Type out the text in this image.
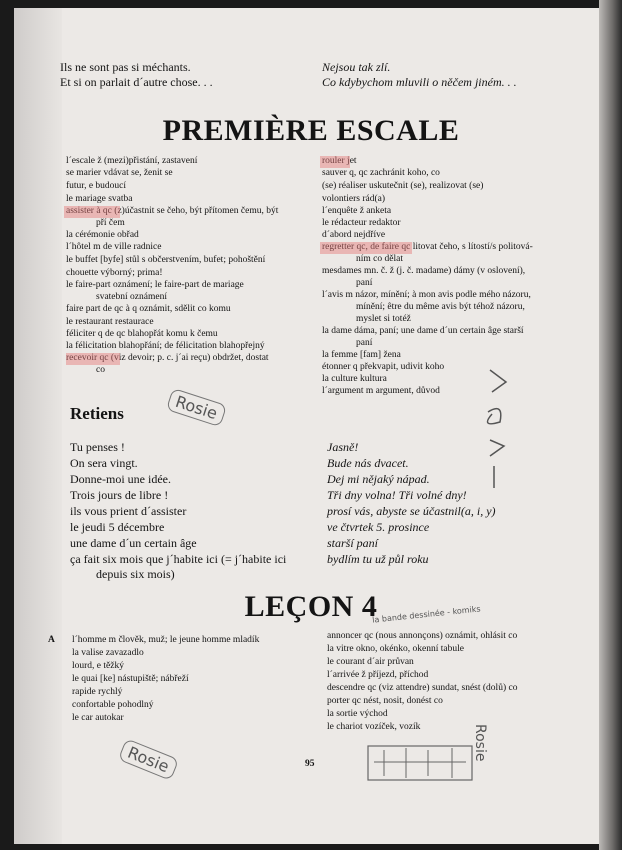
Ils ne sont pas si méchants.
Et si on parlait d´autre chose. . .
Nejsou tak zlí.
Co kdybychom mluvili o něčem jiném. . .
PREMIÈRE ESCALE
l´escale ž (mezi)přistání, zastavení
se marier vdávat se, ženit se
futur, e budoucí
le mariage svatba
assister à qc (z)účastnit se čeho, být přítomen čemu, být
pří čem
la cérémonie obřad
l´hôtel m de ville radnice
le buffet [byfe] stůl s občerstvením, bufet; pohoštění
chouette výborný; prima!
le faire-part oznámení; le faire-part de mariage
svatební oznámení
faire part de qc à q oznámit, sdělit co komu
le restaurant restaurace
féliciter q de qc blahopřát komu k čemu
la félicitation blahopřání; de félicitation blahopřejný
recevoir qc (viz devoir; p. c. j´ai reçu) obdržet, dostat
co
rouler jet
sauver q, qc zachránit koho, co
(se) réaliser uskutečnit (se), realizovat (se)
volontiers rád(a)
l´enquête ž anketa
le rédacteur redaktor
d´abord nejdříve
regretter qc, de faire qc litovat čeho, s lítostí/s politová-
ním co dělat
mesdames mn. č. ž (j. č. madame) dámy (v oslovení),
paní
l´avis m názor, mínění; à mon avis podle mého názoru,
mínění; être du même avis být téhož názoru,
myslet si totéž
la dame dáma, paní; une dame d´un certain âge starší
paní
la femme [fam] žena
étonner q překvapit, udivit koho
la culture kultura
l´argument m argument, důvod
Retiens
Tu penses !
On sera vingt.
Donne-moi une idée.
Trois jours de libre !
ils vous prient d´assister
le jeudi 5 décembre
une dame d´un certain âge
ça fait six mois que j´habite ici (= j´habite ici
depuis six mois)
Jasně!
Bude nás dvacet.
Dej mi nějaký nápad.
Tři dny volna! Tři volné dny!
prosí vás, abyste se účastnil(a, i, y)
ve čtvrtek 5. prosince
starší paní
bydlím tu už půl roku
LEÇON 4
A l´homme m člověk, muž; le jeune homme mladík
la valise zavazadlo
lourd, e těžký
le quai [ke] nástupiště; nábřeží
rapide rychlý
confortable pohodlný
le car autokar
annoncer qc (nous annonçons) oznámit, ohlásit co
la vitre okno, okénko, okenní tabule
le courant d´air průvan
l´arrivée ž příjezd, příchod
descendre qc (viz attendre) sundat, snést (dolů) co
porter qc nést, nosit, donést co
la sortie východ
le chariot vozíček, vozík
95
Rosie
la bande dessinée - komiks
Rosie	Rosie
